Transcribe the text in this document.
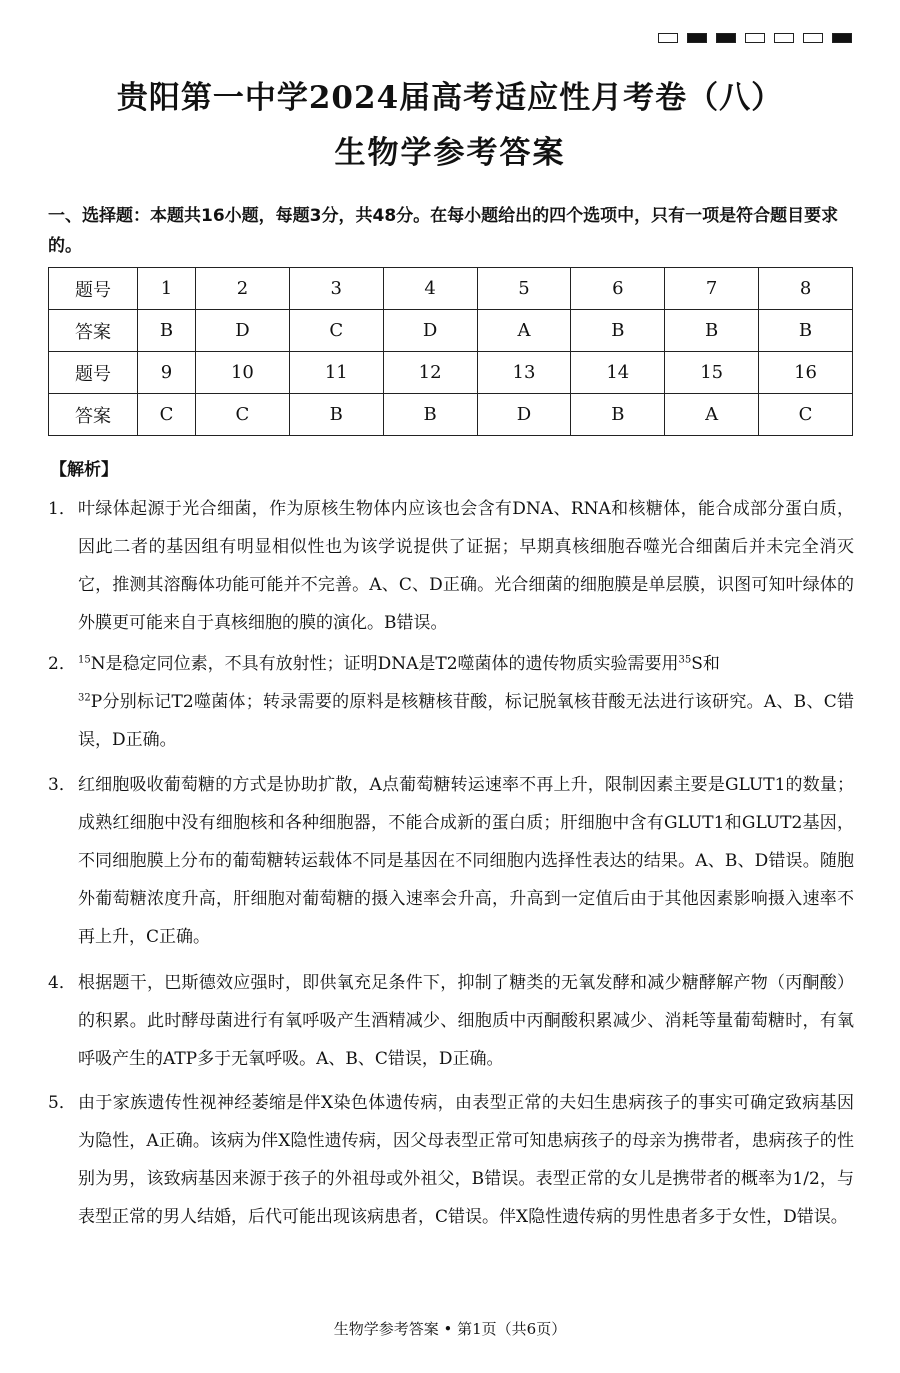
贵阳第一中学2024届高考适应性月考卷（八）
生物学参考答案
一、选择题：本题共16小题，每题3分，共48分。在每小题给出的四个选项中，只有一项是符合题目要求的。
题号	1	2	3	4	5	6	7	8
答案	B	D	C	D	A	B	B	B
题号	9	10	11	12	13	14	15	16
答案	C	C	B	B	D	B	A	C
【解析】
1． 叶绿体起源于光合细菌，作为原核生物体内应该也会含有DNA、RNA和核糖体，能合成部分蛋白质，因此二者的基因组有明显相似性也为该学说提供了证据；早期真核细胞吞噬光合细菌后并未完全消灭它，推测其溶酶体功能可能并不完善。A、C、D正确。光合细菌的细胞膜是单层膜，识图可知叶绿体的外膜更可能来自于真核细胞的膜的演化。B错误。
2． $^{15}$N是稳定同位素，不具有放射性；证明DNA是T2噬菌体的遗传物质实验需要用$^{35}$S和
$^{32}$P分别标记T2噬菌体；转录需要的原料是核糖核苷酸，标记脱氧核苷酸无法进行该研究。A、B、C错误，D正确。
3． 红细胞吸收葡萄糖的方式是协助扩散，A点葡萄糖转运速率不再上升，限制因素主要是GLUT1的数量；成熟红细胞中没有细胞核和各种细胞器，不能合成新的蛋白质；肝细胞中含有GLUT1和GLUT2基因，不同细胞膜上分布的葡萄糖转运载体不同是基因在不同细胞内选择性表达的结果。A、B、D错误。随胞外葡萄糖浓度升高，肝细胞对葡萄糖的摄入速率会升高，升高到一定值后由于其他因素影响摄入速率不再上升，C正确。
4． 根据题干，巴斯德效应强时，即供氧充足条件下，抑制了糖类的无氧发酵和减少糖酵解产物（丙酮酸）的积累。此时酵母菌进行有氧呼吸产生酒精减少、细胞质中丙酮酸积累减少、消耗等量葡萄糖时，有氧呼吸产生的ATP多于无氧呼吸。A、B、C错误，D正确。
5． 由于家族遗传性视神经萎缩是伴X染色体遗传病，由表型正常的夫妇生患病孩子的事实可确定致病基因为隐性，A正确。该病为伴X隐性遗传病，因父母表型正常可知患病孩子的母亲为携带者，患病孩子的性别为男，该致病基因来源于孩子的外祖母或外祖父，B错误。表型正常的女儿是携带者的概率为1/2，与表型正常的男人结婚，后代可能出现该病患者，C错误。伴X隐性遗传病的男性患者多于女性，D错误。
生物学参考答案 • 第1页（共6页）
